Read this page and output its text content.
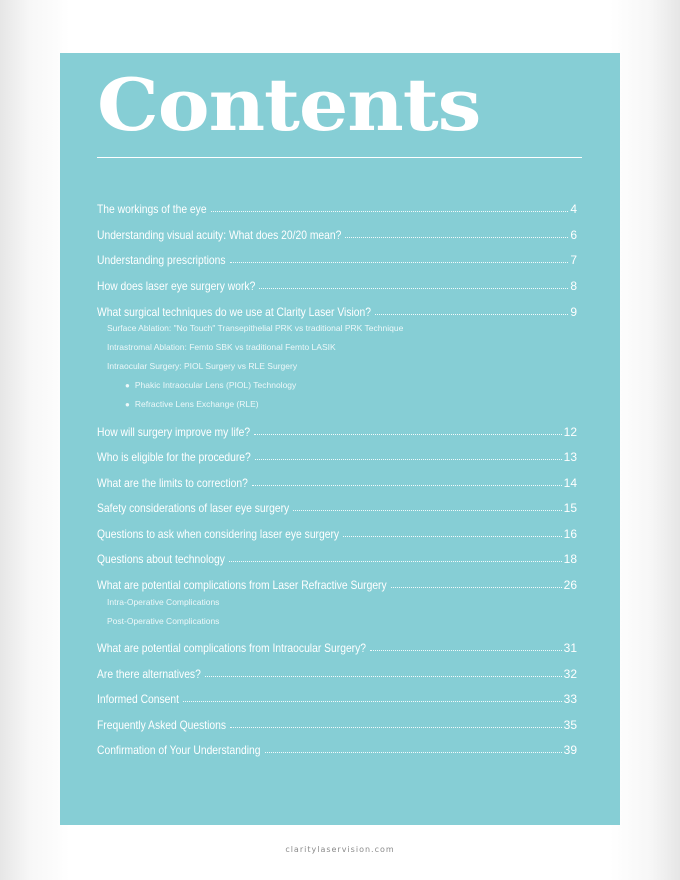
Contents
The workings of the eye	4
Understanding visual acuity: What does 20/20 mean?	6
Understanding prescriptions	7
How does laser eye surgery work?	8
What surgical techniques do we use at Clarity Laser Vision?	9
Surface Ablation: "No Touch" Transepithelial PRK vs traditional PRK Technique
Intrastromal Ablation: Femto SBK vs traditional Femto LASIK
Intraocular Surgery: PIOL Surgery vs RLE Surgery
● Phakic Intraocular Lens (PIOL) Technology
● Refractive Lens Exchange (RLE)
How will surgery improve my life?	12
Who is eligible for the procedure?	13
What are the limits to correction?	14
Safety considerations of laser eye surgery	15
Questions to ask when considering laser eye surgery	16
Questions about technology	18
What are potential complications from Laser Refractive Surgery	26
Intra-Operative Complications
Post-Operative Complications
What are potential complications from Intraocular Surgery?	31
Are there alternatives?	32
Informed Consent	33
Frequently Asked Questions	35
Confirmation of Your Understanding	39
claritylaservision.com
